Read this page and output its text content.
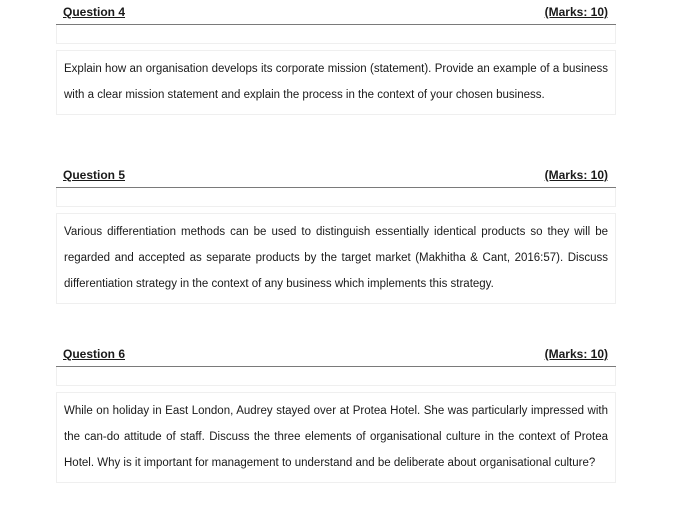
Question 4	(Marks: 10)
Explain how an organisation develops its corporate mission (statement). Provide an example of a business with a clear mission statement and explain the process in the context of your chosen business.
Question 5	(Marks: 10)
Various differentiation methods can be used to distinguish essentially identical products so they will be regarded and accepted as separate products by the target market (Makhitha & Cant, 2016:57). Discuss differentiation strategy in the context of any business which implements this strategy.
Question 6	(Marks: 10)
While on holiday in East London, Audrey stayed over at Protea Hotel. She was particularly impressed with the can-do attitude of staff. Discuss the three elements of organisational culture in the context of Protea Hotel. Why is it important for management to understand and be deliberate about organisational culture?
